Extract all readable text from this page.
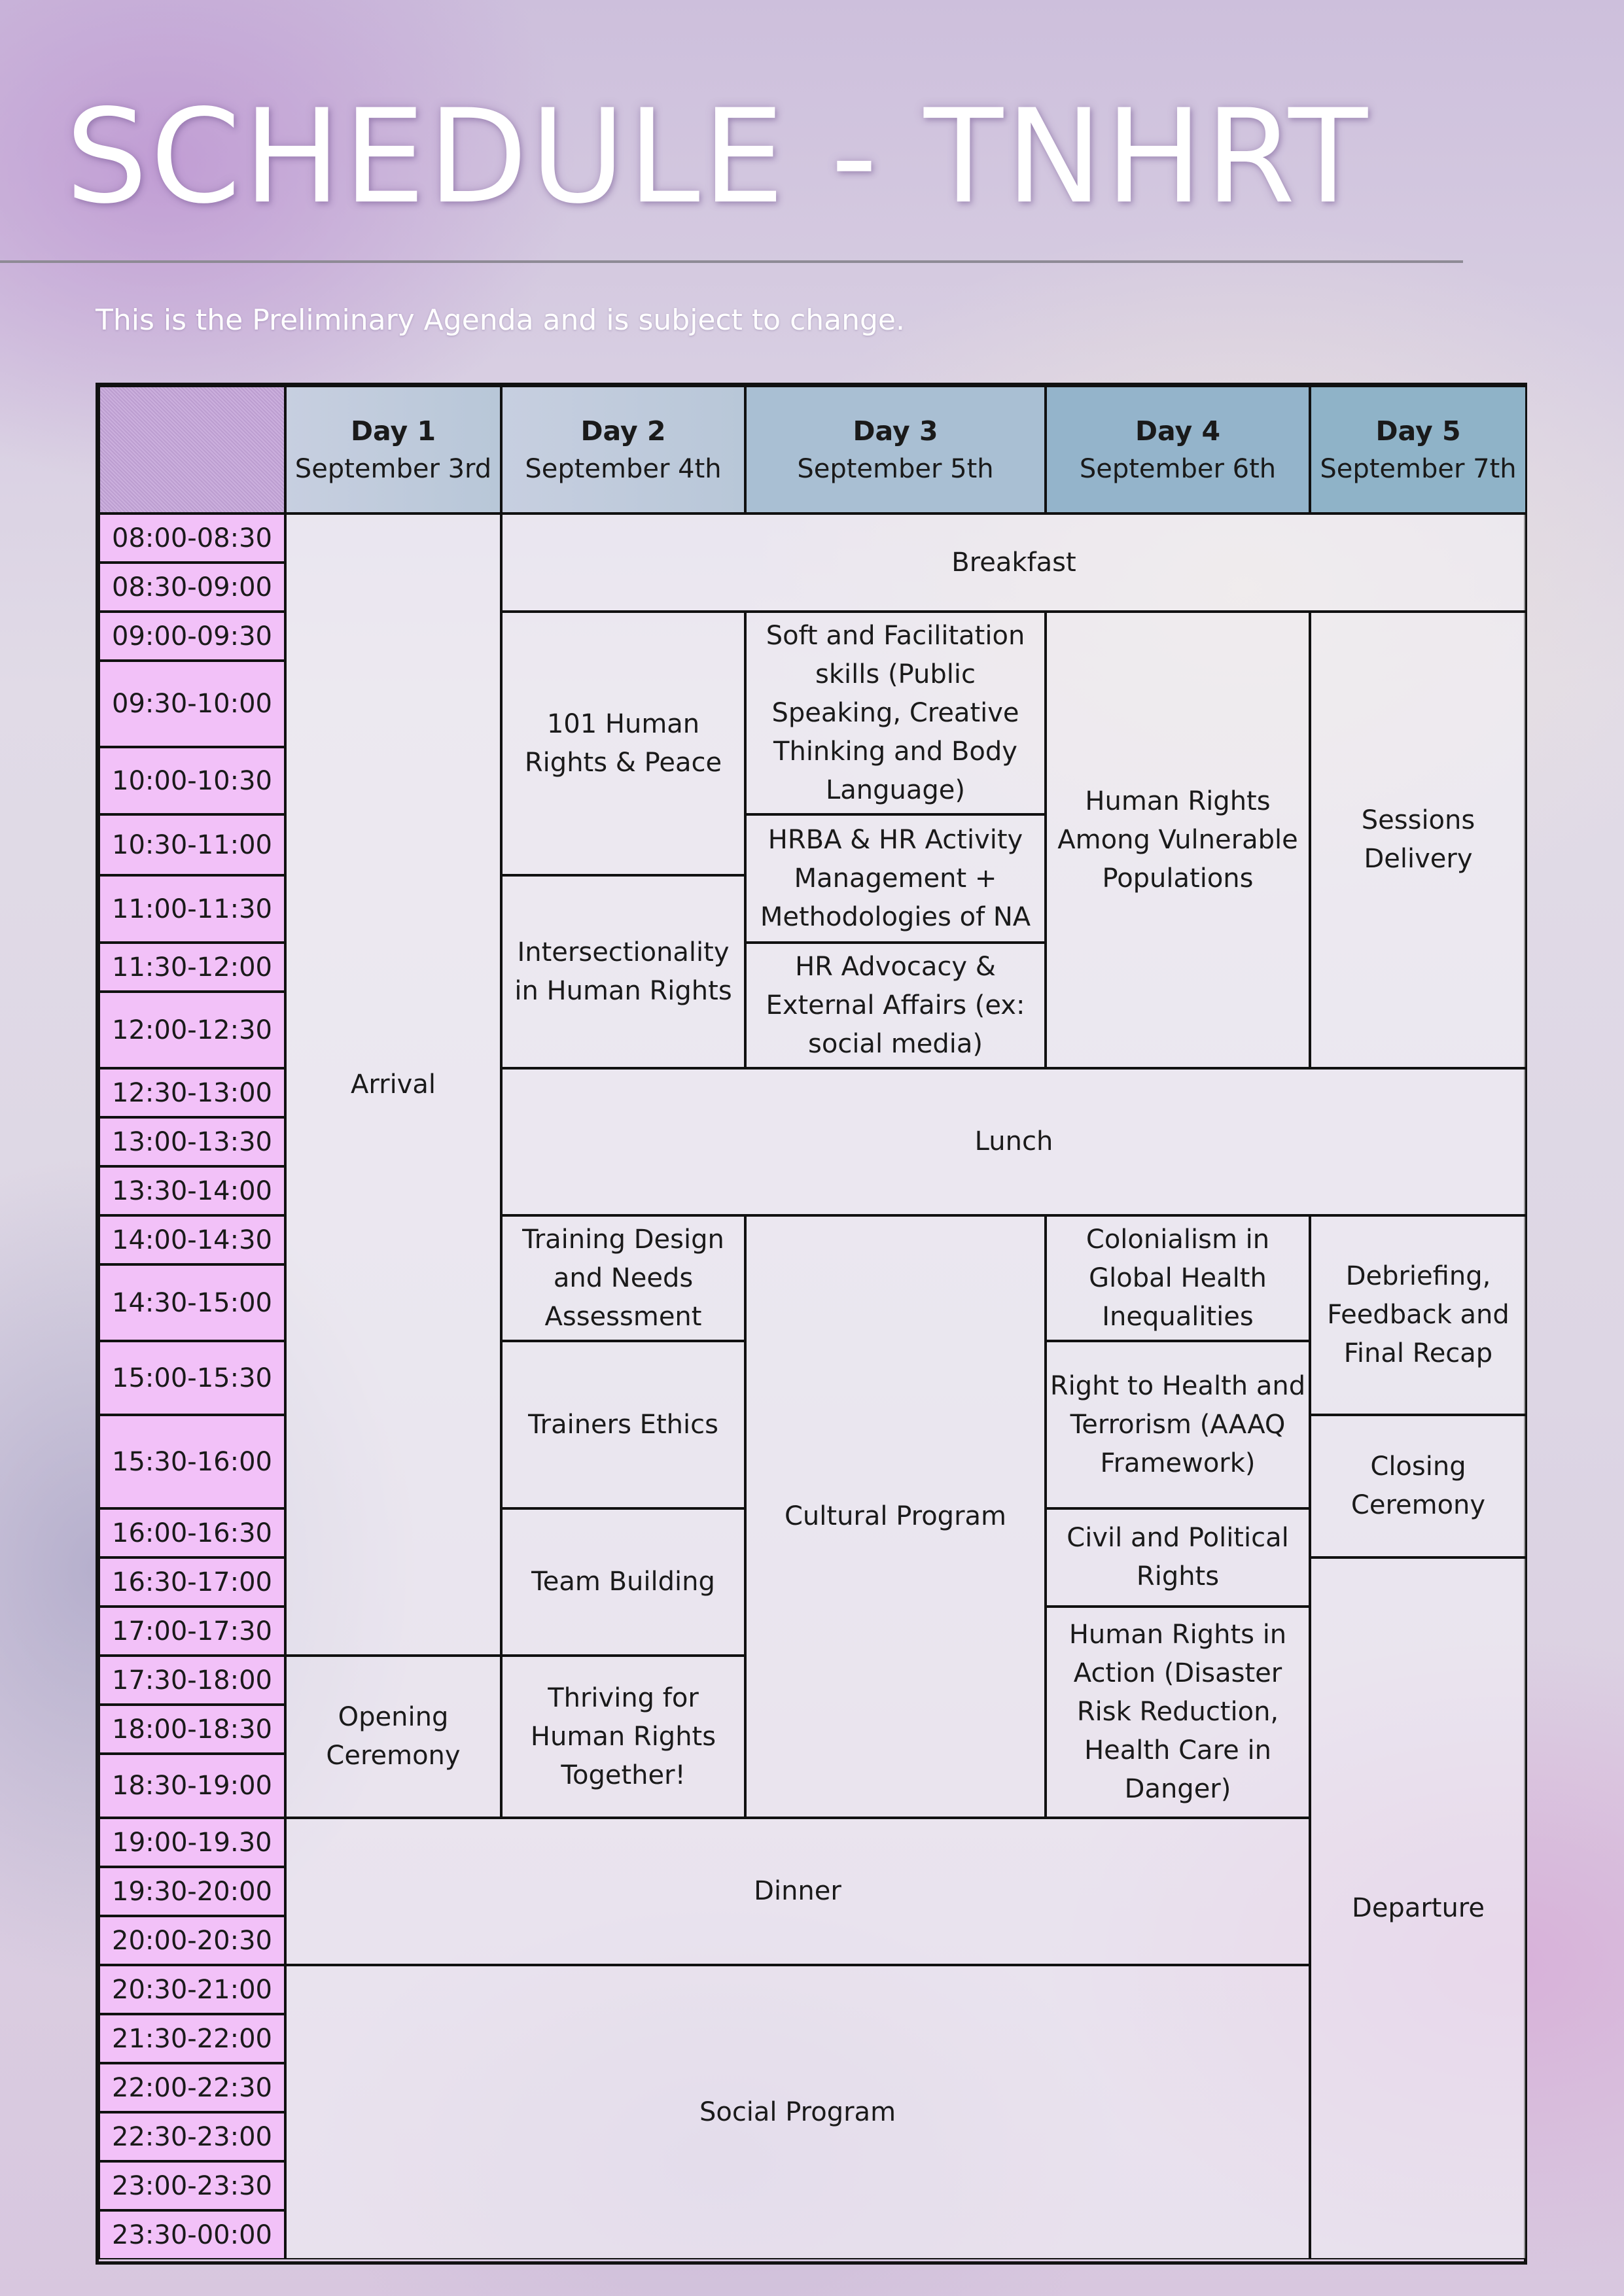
SCHEDULE - TNHRT
This is the Preliminary Agenda and is subject to change.
Day 1
September 3rd
Day 2
September 4th
Day 3
September 5th
Day 4
September 6th
Day 5
September 7th
08:00-08:30
08:30-09:00
09:00-09:30
09:30-10:00
10:00-10:30
10:30-11:00
11:00-11:30
11:30-12:00
12:00-12:30
12:30-13:00
13:00-13:30
13:30-14:00
14:00-14:30
14:30-15:00
15:00-15:30
15:30-16:00
16:00-16:30
16:30-17:00
17:00-17:30
17:30-18:00
18:00-18:30
18:30-19:00
19:00-19.30
19:30-20:00
20:00-20:30
20:30-21:00
21:30-22:00
22:00-22:30
22:30-23:00
23:00-23:30
23:30-00:00
Arrival
Breakfast
101 Human Rights & Peace
Soft and Facilitation skills (Public Speaking, Creative Thinking and Body Language)	Human Rights Among Vulnerable Populations
Sessions Delivery
HRBA & HR Activity Management + Methodologies of NA
Intersectionality in Human Rights
HR Advocacy & External Affairs (ex: social media)
Lunch
Training Design and Needs Assessment
Cultural Program
Colonialism in Global Health Inequalities
Debriefing, Feedback and Final Recap
Trainers Ethics
Right to Health and Terrorism (AAAQ Framework)	Closing Ceremony
Team Building
Civil and Political Rights
Departure
Human Rights in Action (Disaster Risk Reduction, Health Care in Danger)
Opening Ceremony
Thriving for Human Rights Together!
Dinner
Social Program
